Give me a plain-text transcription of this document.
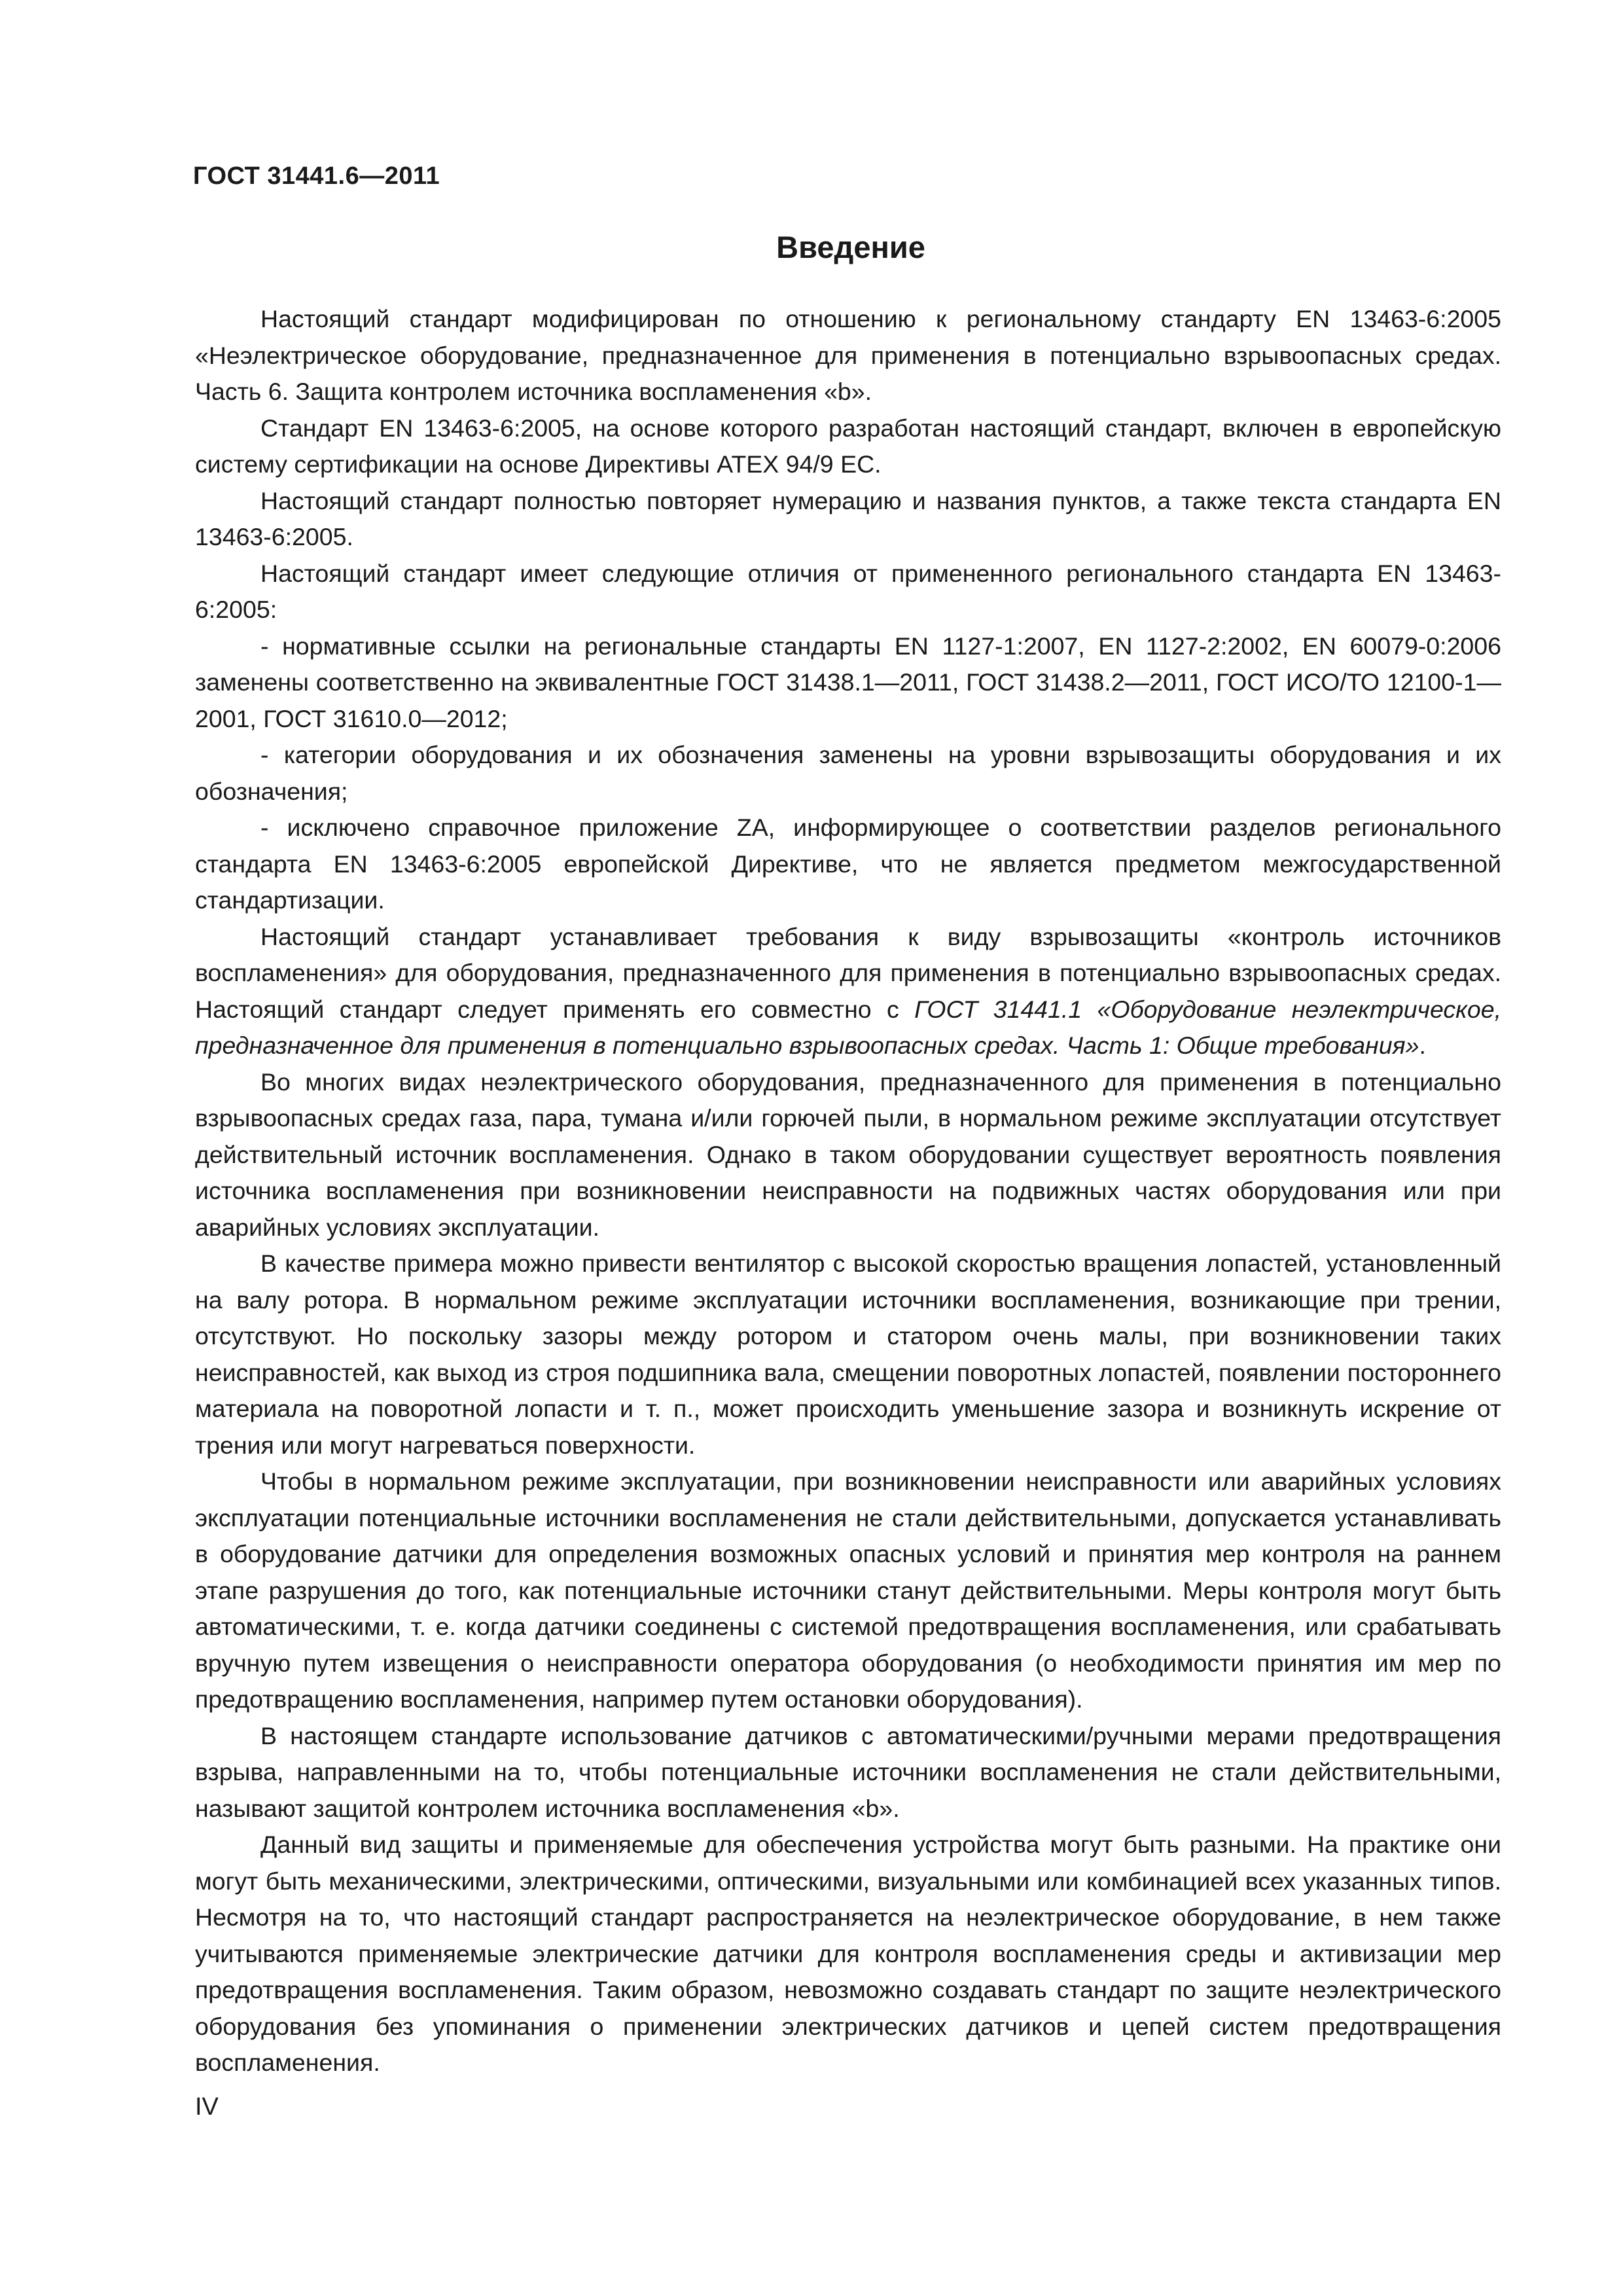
ГОСТ 31441.6—2011
Введение

Настоящий стандарт модифицирован по отношению к региональному стандарту EN 13463-6:2005 «Неэлектрическое оборудование, предназначенное для применения в потенциально взрывоопасных средах. Часть 6. Защита контролем источника воспламенения «b».

Стандарт EN 13463-6:2005, на основе которого разработан настоящий стандарт, включен в европейскую систему сертификации на основе Директивы ATEX 94/9 ЕС.

Настоящий стандарт полностью повторяет нумерацию и названия пунктов, а также текста стандарта EN 13463-6:2005.

Настоящий стандарт имеет следующие отличия от примененного регионального стандарта EN 13463-6:2005:

- нормативные ссылки на региональные стандарты EN 1127-1:2007, EN 1127-2:2002, EN 60079-0:2006 заменены соответственно на эквивалентные ГОСТ 31438.1—2011, ГОСТ 31438.2—2011, ГОСТ ИСО/ТО 12100-1—2001, ГОСТ 31610.0—2012;

- категории оборудования и их обозначения заменены на уровни взрывозащиты оборудования и их обозначения;

- исключено справочное приложение ZA, информирующее о соответствии разделов регионального стандарта EN 13463-6:2005 европейской Директиве, что не является предметом межгосударственной стандартизации.

Настоящий стандарт устанавливает требования к виду взрывозащиты «контроль источников воспламенения» для оборудования, предназначенного для применения в потенциально взрывоопасных средах. Настоящий стандарт следует применять его совместно с ГОСТ 31441.1 «Оборудование неэлектрическое, предназначенное для применения в потенциально взрывоопасных средах. Часть 1: Общие требования».

Во многих видах неэлектрического оборудования, предназначенного для применения в потенциально взрывоопасных средах газа, пара, тумана и/или горючей пыли, в нормальном режиме эксплуатации отсутствует действительный источник воспламенения. Однако в таком оборудовании существует вероятность появления источника воспламенения при возникновении неисправности на подвижных частях оборудования или при аварийных условиях эксплуатации.

В качестве примера можно привести вентилятор с высокой скоростью вращения лопастей, установленный на валу ротора. В нормальном режиме эксплуатации источники воспламенения, возникающие при трении, отсутствуют. Но поскольку зазоры между ротором и статором очень малы, при возникновении таких неисправностей, как выход из строя подшипника вала, смещении поворотных лопастей, появлении постороннего материала на поворотной лопасти и т. п., может происходить уменьшение зазора и возникнуть искрение от трения или могут нагреваться поверхности.

Чтобы в нормальном режиме эксплуатации, при возникновении неисправности или аварийных условиях эксплуатации потенциальные источники воспламенения не стали действительными, допускается устанавливать в оборудование датчики для определения возможных опасных условий и принятия мер контроля на раннем этапе разрушения до того, как потенциальные источники станут действительными. Меры контроля могут быть автоматическими, т. е. когда датчики соединены с системой предотвращения воспламенения, или срабатывать вручную путем извещения о неисправности оператора оборудования (о необходимости принятия им мер по предотвращению воспламенения, например путем остановки оборудования).

В настоящем стандарте использование датчиков с автоматическими/ручными мерами предотвращения взрыва, направленными на то, чтобы потенциальные источники воспламенения не стали действительными, называют защитой контролем источника воспламенения «b».

Данный вид защиты и применяемые для обеспечения устройства могут быть разными. На практике они могут быть механическими, электрическими, оптическими, визуальными или комбинацией всех указанных типов. Несмотря на то, что настоящий стандарт распространяется на неэлектрическое оборудование, в нем также учитываются применяемые электрические датчики для контроля воспламенения среды и активизации мер предотвращения воспламенения. Таким образом, невозможно создавать стандарт по защите неэлектрического оборудования без упоминания о применении электрических датчиков и цепей систем предотвращения воспламенения.

IV
